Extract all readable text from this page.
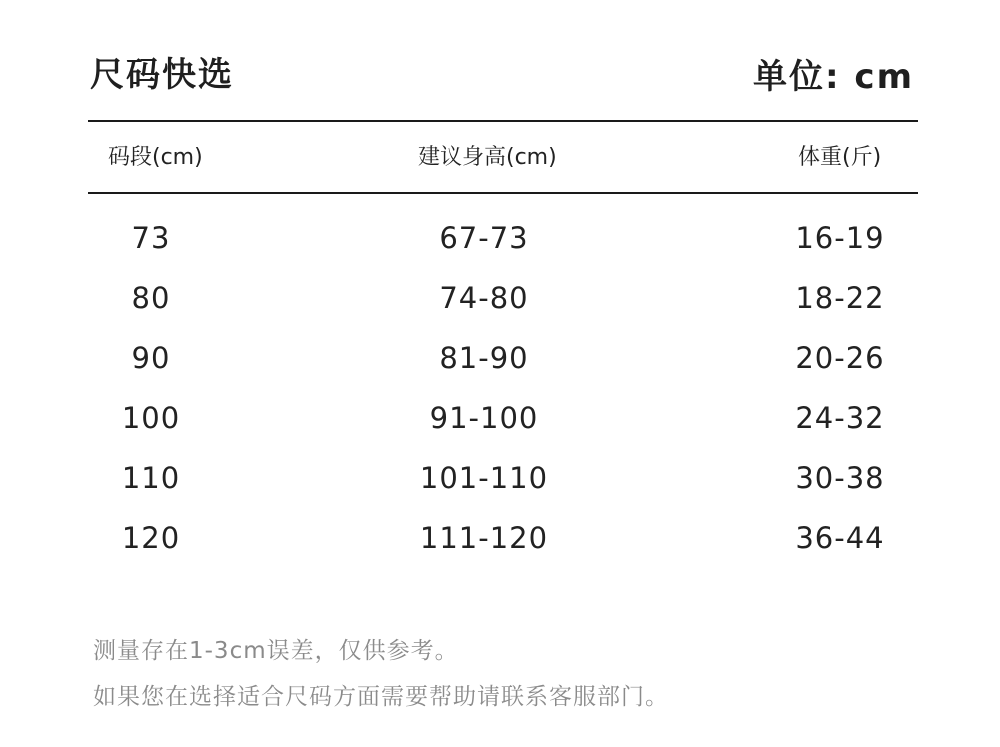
尺码快选	单位: cm
码段(cm)	建议身高(cm)	体重(斤)
73	67-73	16-19
80	74-80	18-22
90	81-90	20-26
100	91-100	24-32
110	101-110	30-38
120	111-120	36-44
测量存在1-3cm误差，仅供参考。
如果您在选择适合尺码方面需要帮助请联系客服部门。
